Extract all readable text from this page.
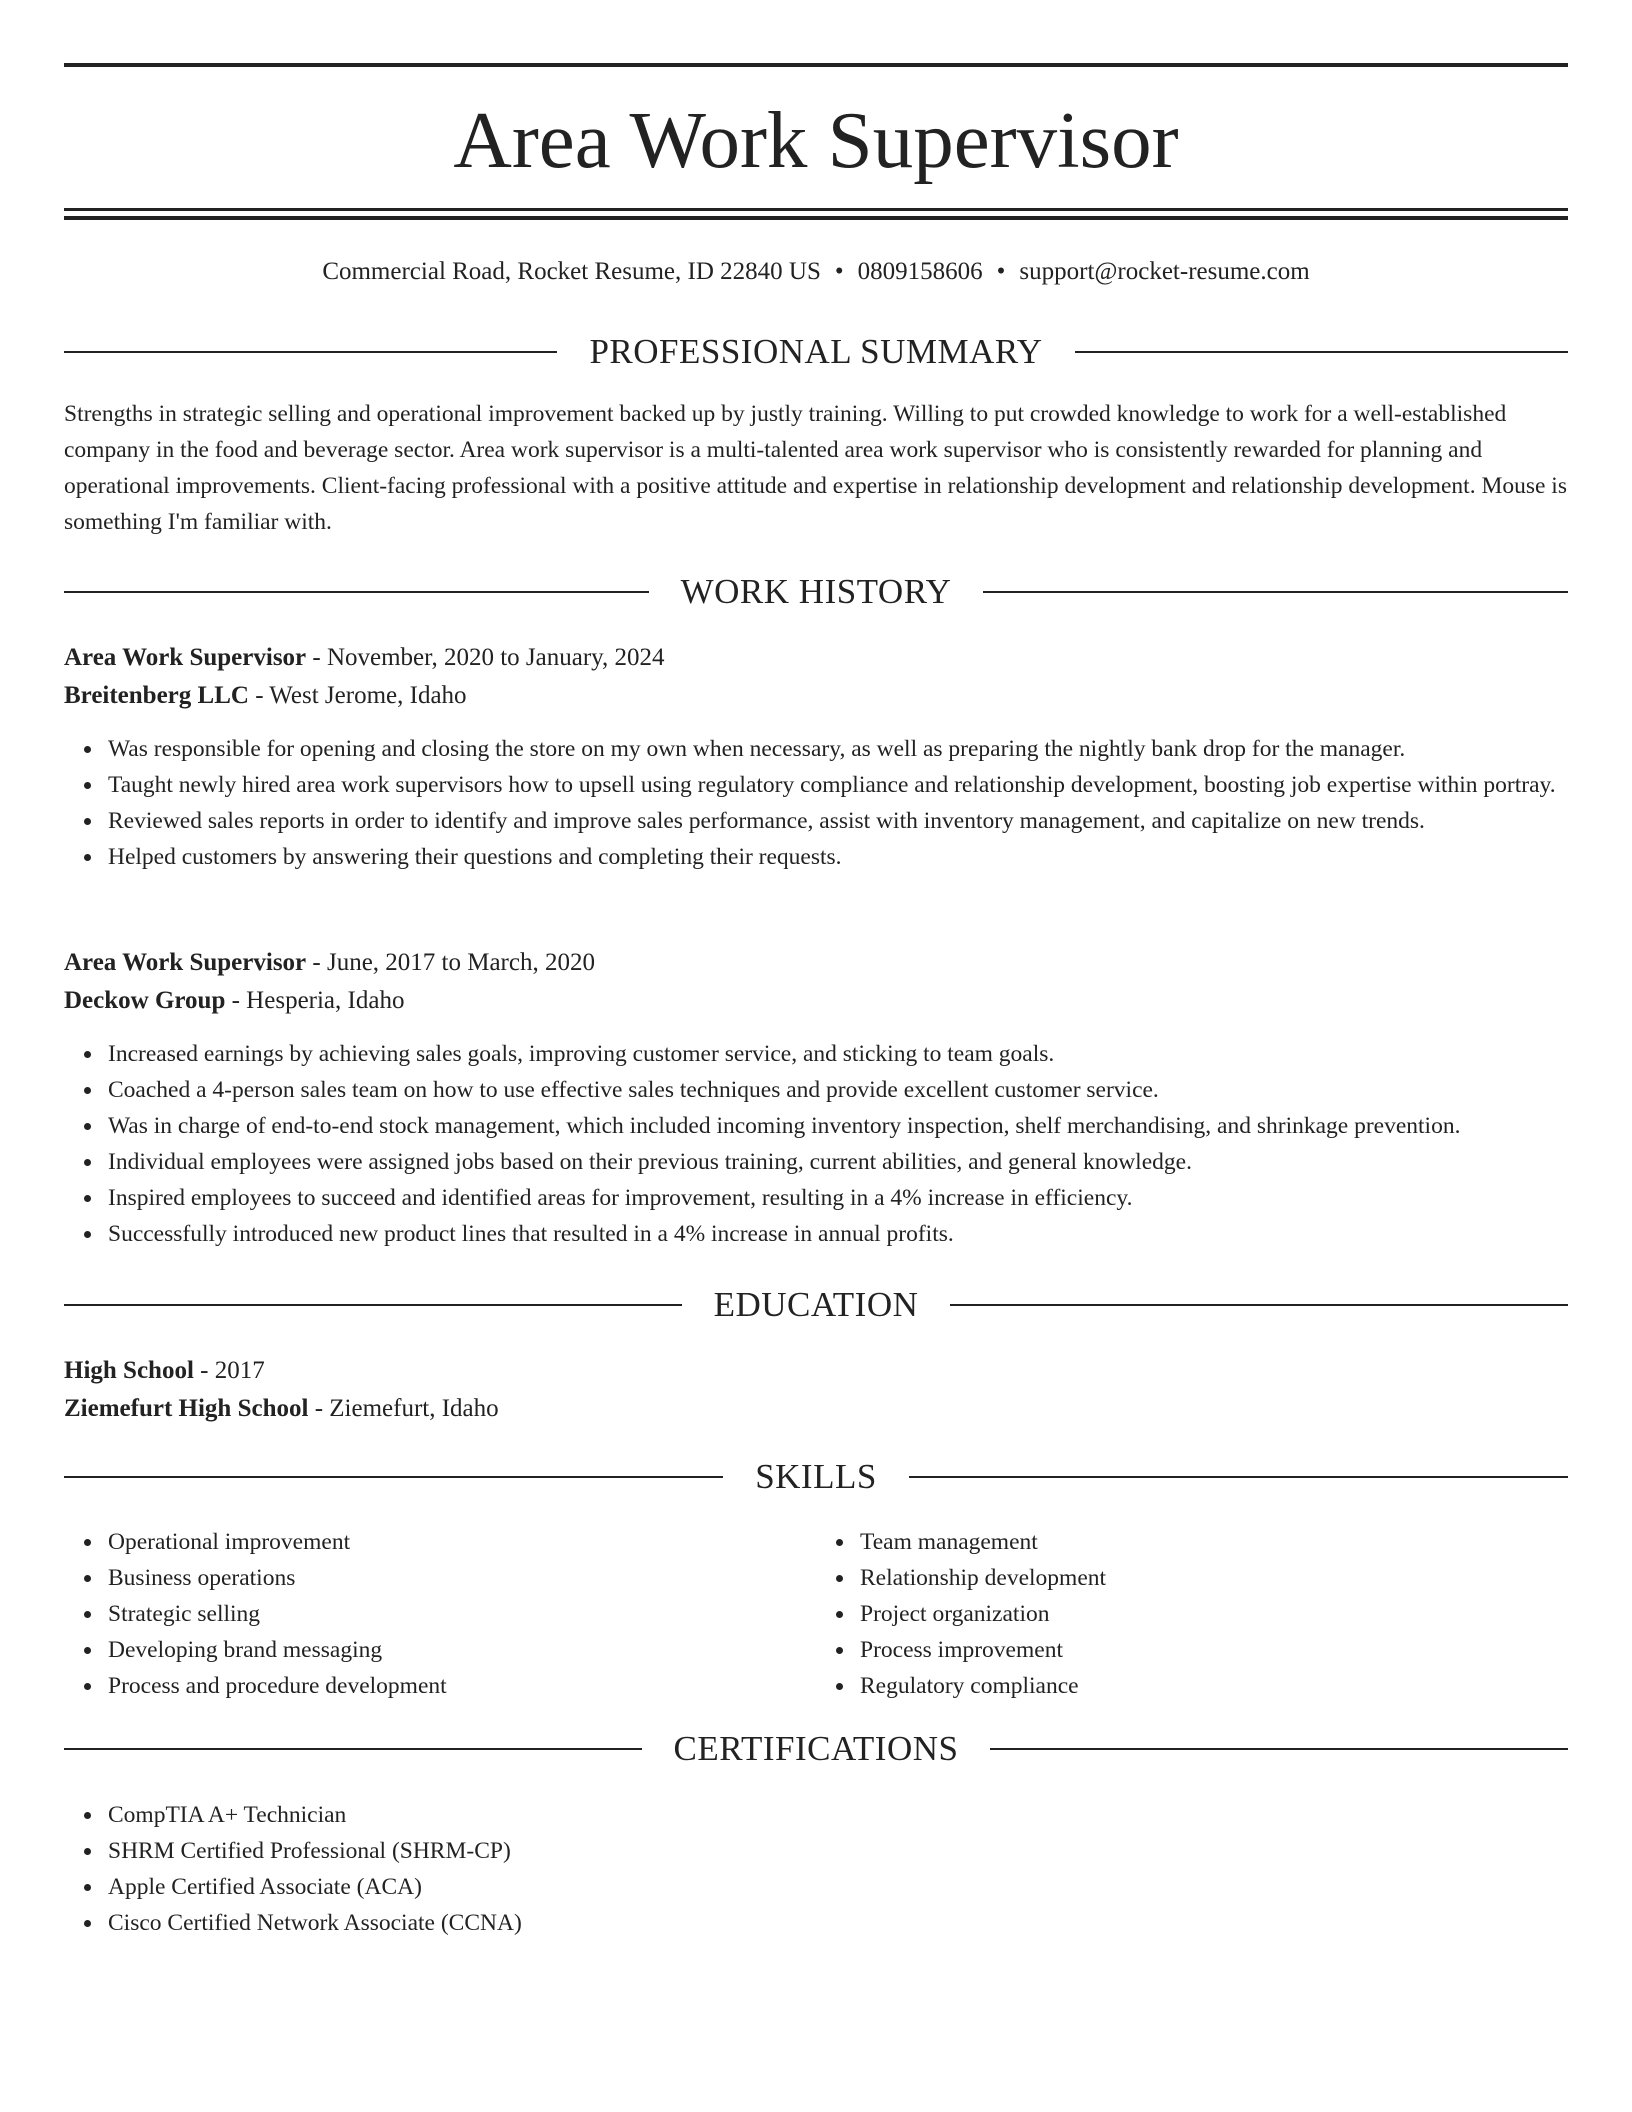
Area Work Supervisor
Commercial Road, Rocket Resume, ID 22840 US • 0809158606 • support@rocket-resume.com
PROFESSIONAL SUMMARY

Strengths in strategic selling and operational improvement backed up by justly training. Willing to put crowded knowledge to work for a well-established company in the food and beverage sector. Area work supervisor is a multi-talented area work supervisor who is consistently rewarded for planning and operational improvements. Client-facing professional with a positive attitude and expertise in relationship development and relationship development. Mouse is something I'm familiar with.

WORK HISTORY
Area Work Supervisor - November, 2020 to January, 2024
Breitenberg LLC - West Jerome, Idaho
Was responsible for opening and closing the store on my own when necessary, as well as preparing the nightly bank drop for the manager.
Taught newly hired area work supervisors how to upsell using regulatory compliance and relationship development, boosting job expertise within portray.
Reviewed sales reports in order to identify and improve sales performance, assist with inventory management, and capitalize on new trends.
Helped customers by answering their questions and completing their requests.
Area Work Supervisor - June, 2017 to March, 2020
Deckow Group - Hesperia, Idaho
Increased earnings by achieving sales goals, improving customer service, and sticking to team goals.
Coached a 4-person sales team on how to use effective sales techniques and provide excellent customer service.
Was in charge of end-to-end stock management, which included incoming inventory inspection, shelf merchandising, and shrinkage prevention.
Individual employees were assigned jobs based on their previous training, current abilities, and general knowledge.
Inspired employees to succeed and identified areas for improvement, resulting in a 4% increase in efficiency.
Successfully introduced new product lines that resulted in a 4% increase in annual profits.
EDUCATION
High School - 2017
Ziemefurt High School - Ziemefurt, Idaho
SKILLS
Operational improvement
Business operations
Strategic selling
Developing brand messaging
Process and procedure development
Team management
Relationship development
Project organization
Process improvement
Regulatory compliance
CERTIFICATIONS
CompTIA A+ Technician
SHRM Certified Professional (SHRM-CP)
Apple Certified Associate (ACA)
Cisco Certified Network Associate (CCNA)
